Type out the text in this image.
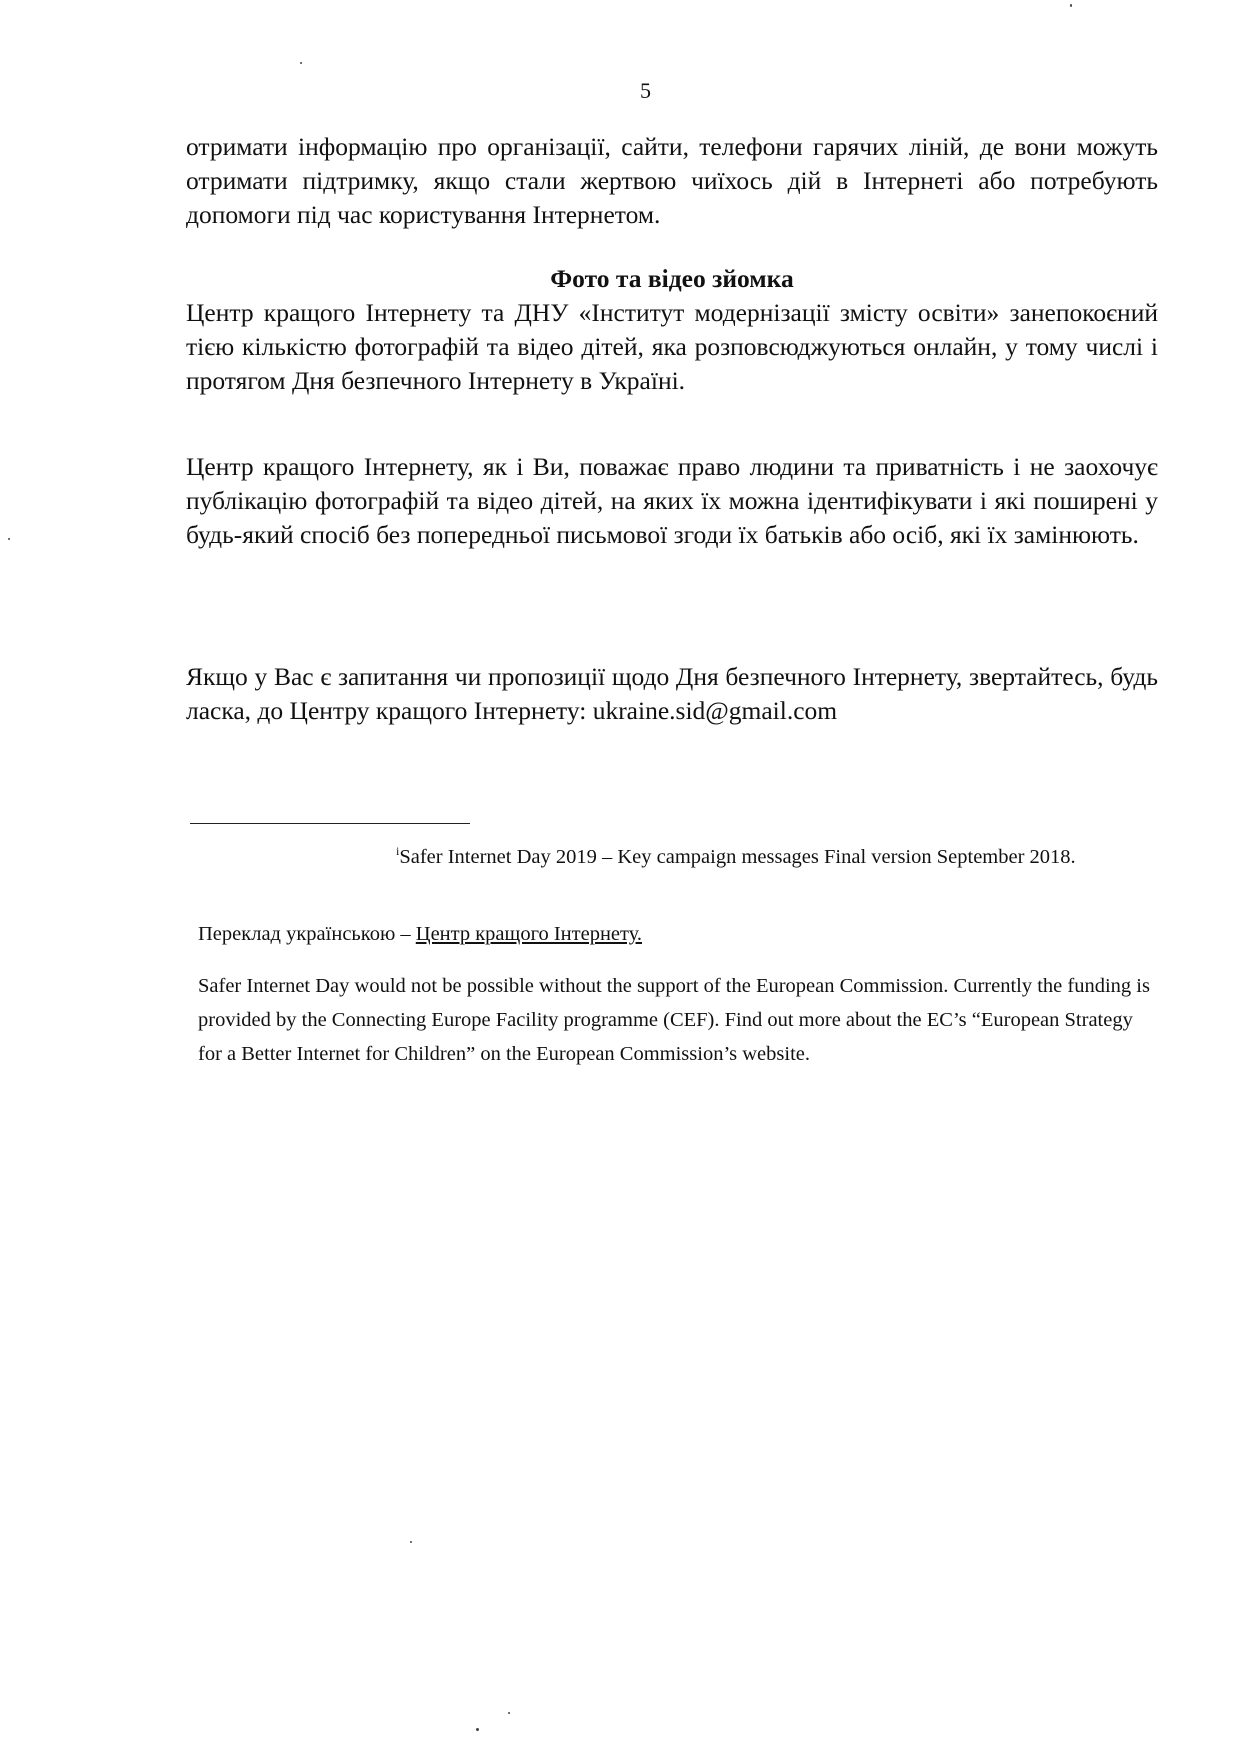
5

отримати інформацію про організації, сайти, телефони гарячих ліній, де вони можуть отримати підтримку, якщо стали жертвою чиїхось дій в Інтернеті або потребують допомоги під час користування Інтернетом.

Фото та відео зйомка

Центр кращого Інтернету та ДНУ «Інститут модернізації змісту освіти» занепокоєний тією кількістю фотографій та відео дітей, яка розповсюджуються онлайн, у тому числі і протягом Дня безпечного Інтернету в Україні.

Центр кращого Інтернету, як і Ви, поважає право людини та приватність і не заохочує публікацію фотографій та відео дітей, на яких їх можна ідентифікувати і які поширені у будь-який спосіб без попередньої письмової згоди їх батьків або осіб, які їх замінюють.

Якщо у Вас є запитання чи пропозиції щодо Дня безпечного Інтернету, звертайтесь, будь ласка, до Центру кращого Інтернету: ukraine.sid@gmail.com

$^i$Safer Internet Day 2019 – Key campaign messages Final version September 2018.

Переклад українською – Центр кращого Інтернету.

Safer Internet Day would not be possible without the support of the European Commission. Currently the funding is provided by the Connecting Europe Facility programme (CEF). Find out more about the EC’s “European Strategy for a Better Internet for Children” on the European Commission’s website.
